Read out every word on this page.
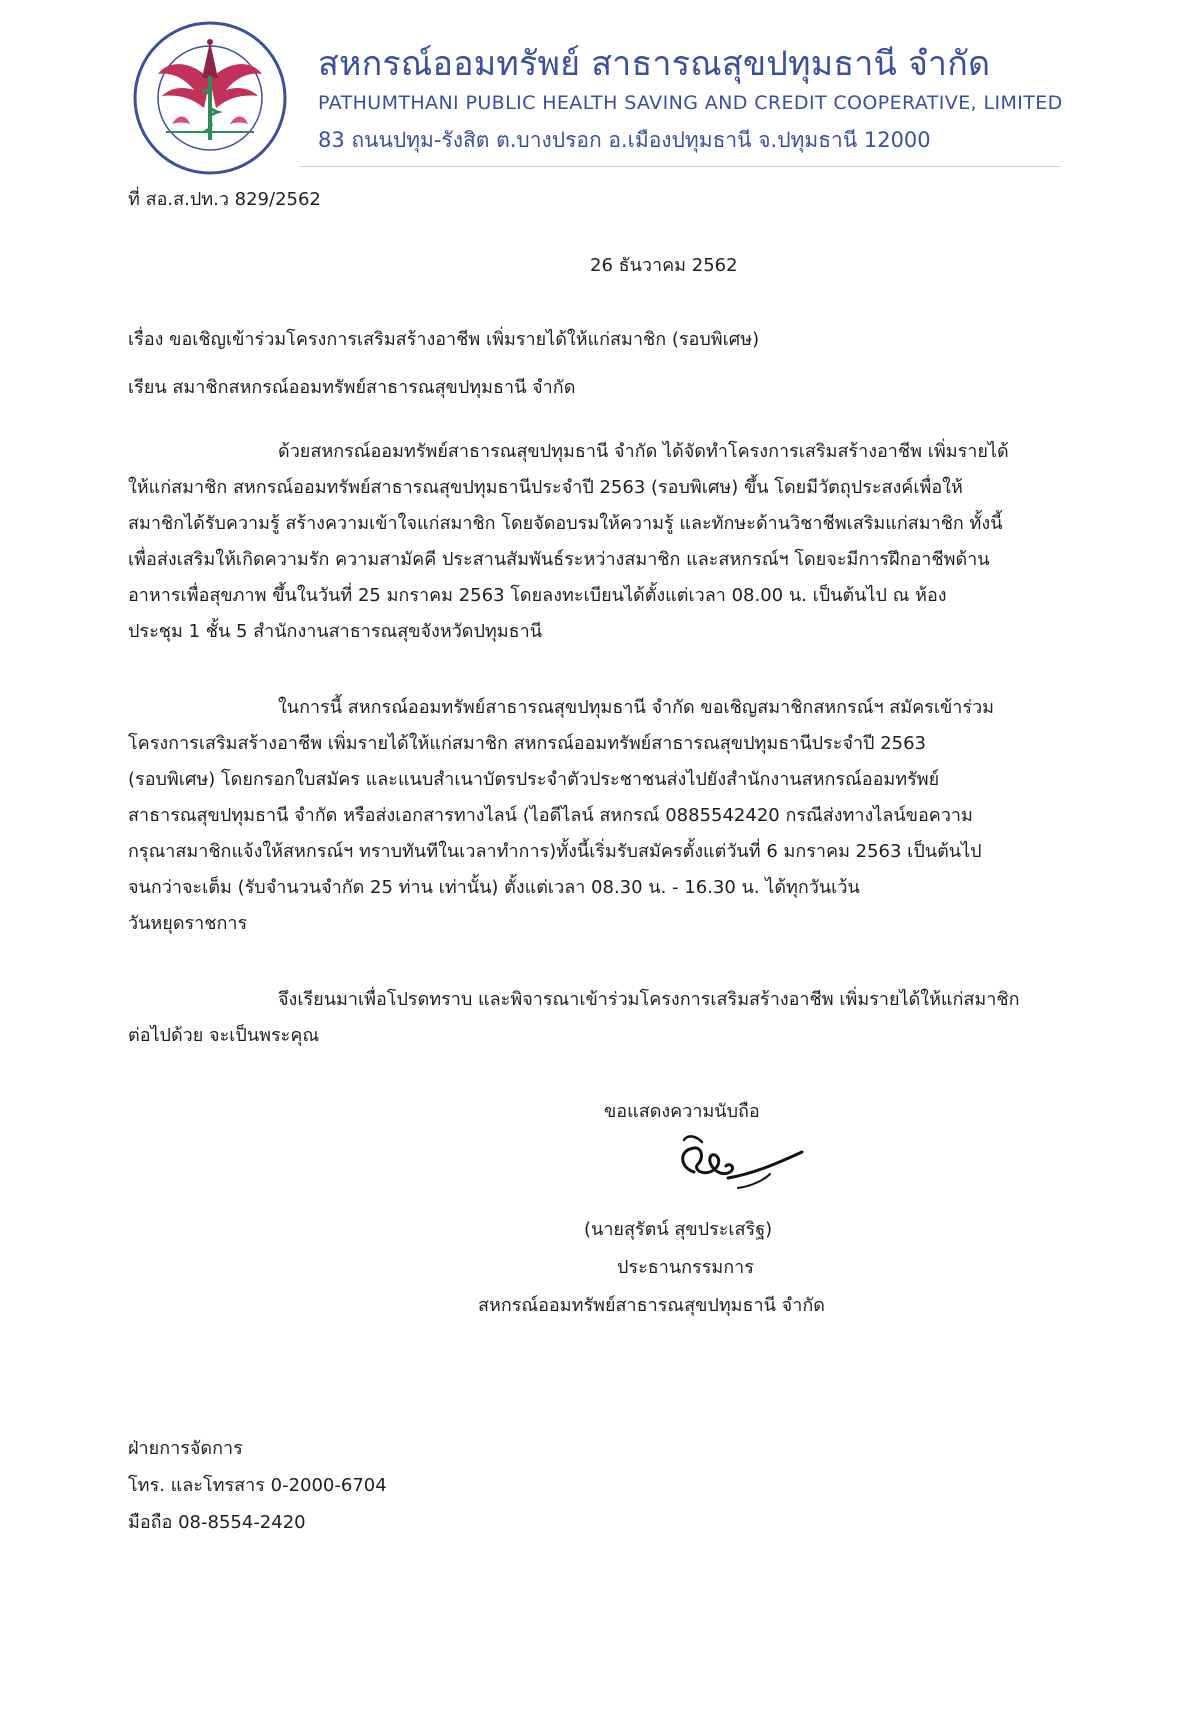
สหกรณ์ออมทรัพย์ สาธารณสุขปทุมธานี จำกัด
PATHUMTHANI PUBLIC HEALTH SAVING AND CREDIT COOPERATIVE, LIMITED
83 ถนนปทุม-รังสิต ต.บางปรอก อ.เมืองปทุมธานี จ.ปทุมธานี 12000
ที่ สอ.ส.ปท.ว 829/2562
26 ธันวาคม 2562
เรื่อง ขอเชิญเข้าร่วมโครงการเสริมสร้างอาชีพ เพิ่มรายได้ให้แก่สมาชิก (รอบพิเศษ)
เรียน สมาชิกสหกรณ์ออมทรัพย์สาธารณสุขปทุมธานี จำกัด
ด้วยสหกรณ์ออมทรัพย์สาธารณสุขปทุมธานี จำกัด ได้จัดทำโครงการเสริมสร้างอาชีพ เพิ่มรายได้
ให้แก่สมาชิก สหกรณ์ออมทรัพย์สาธารณสุขปทุมธานีประจำปี 2563 (รอบพิเศษ) ขึ้น โดยมีวัตถุประสงค์เพื่อให้
สมาชิกได้รับความรู้ สร้างความเข้าใจแก่สมาชิก โดยจัดอบรมให้ความรู้ และทักษะด้านวิชาชีพเสริมแก่สมาชิก ทั้งนี้
เพื่อส่งเสริมให้เกิดความรัก ความสามัคคี ประสานสัมพันธ์ระหว่างสมาชิก และสหกรณ์ฯ โดยจะมีการฝึกอาชีพด้าน
อาหารเพื่อสุขภาพ ขึ้นในวันที่ 25 มกราคม 2563 โดยลงทะเบียนได้ตั้งแต่เวลา 08.00 น. เป็นต้นไป ณ ห้อง
ประชุม 1 ชั้น 5 สำนักงานสาธารณสุขจังหวัดปทุมธานี
ในการนี้ สหกรณ์ออมทรัพย์สาธารณสุขปทุมธานี จำกัด ขอเชิญสมาชิกสหกรณ์ฯ สมัครเข้าร่วม
โครงการเสริมสร้างอาชีพ เพิ่มรายได้ให้แก่สมาชิก สหกรณ์ออมทรัพย์สาธารณสุขปทุมธานีประจำปี 2563
(รอบพิเศษ) โดยกรอกใบสมัคร และแนบสำเนาบัตรประจำตัวประชาชนส่งไปยังสำนักงานสหกรณ์ออมทรัพย์
สาธารณสุขปทุมธานี จำกัด หรือส่งเอกสารทางไลน์ (ไอดีไลน์ สหกรณ์ 0885542420 กรณีส่งทางไลน์ขอความ
กรุณาสมาชิกแจ้งให้สหกรณ์ฯ ทราบทันทีในเวลาทำการ)ทั้งนี้เริ่มรับสมัครตั้งแต่วันที่ 6 มกราคม 2563 เป็นต้นไป
จนกว่าจะเต็ม (รับจำนวนจำกัด 25 ท่าน เท่านั้น) ตั้งแต่เวลา 08.30 น. - 16.30 น. ได้ทุกวันเว้น
วันหยุดราชการ
จึงเรียนมาเพื่อโปรดทราบ และพิจารณาเข้าร่วมโครงการเสริมสร้างอาชีพ เพิ่มรายได้ให้แก่สมาชิก
ต่อไปด้วย จะเป็นพระคุณ
ขอแสดงความนับถือ
(นายสุรัตน์ สุขประเสริฐ)
ประธานกรรมการ
สหกรณ์ออมทรัพย์สาธารณสุขปทุมธานี จำกัด
ฝ่ายการจัดการ
โทร. และโทรสาร 0-2000-6704
มือถือ 08-8554-2420
